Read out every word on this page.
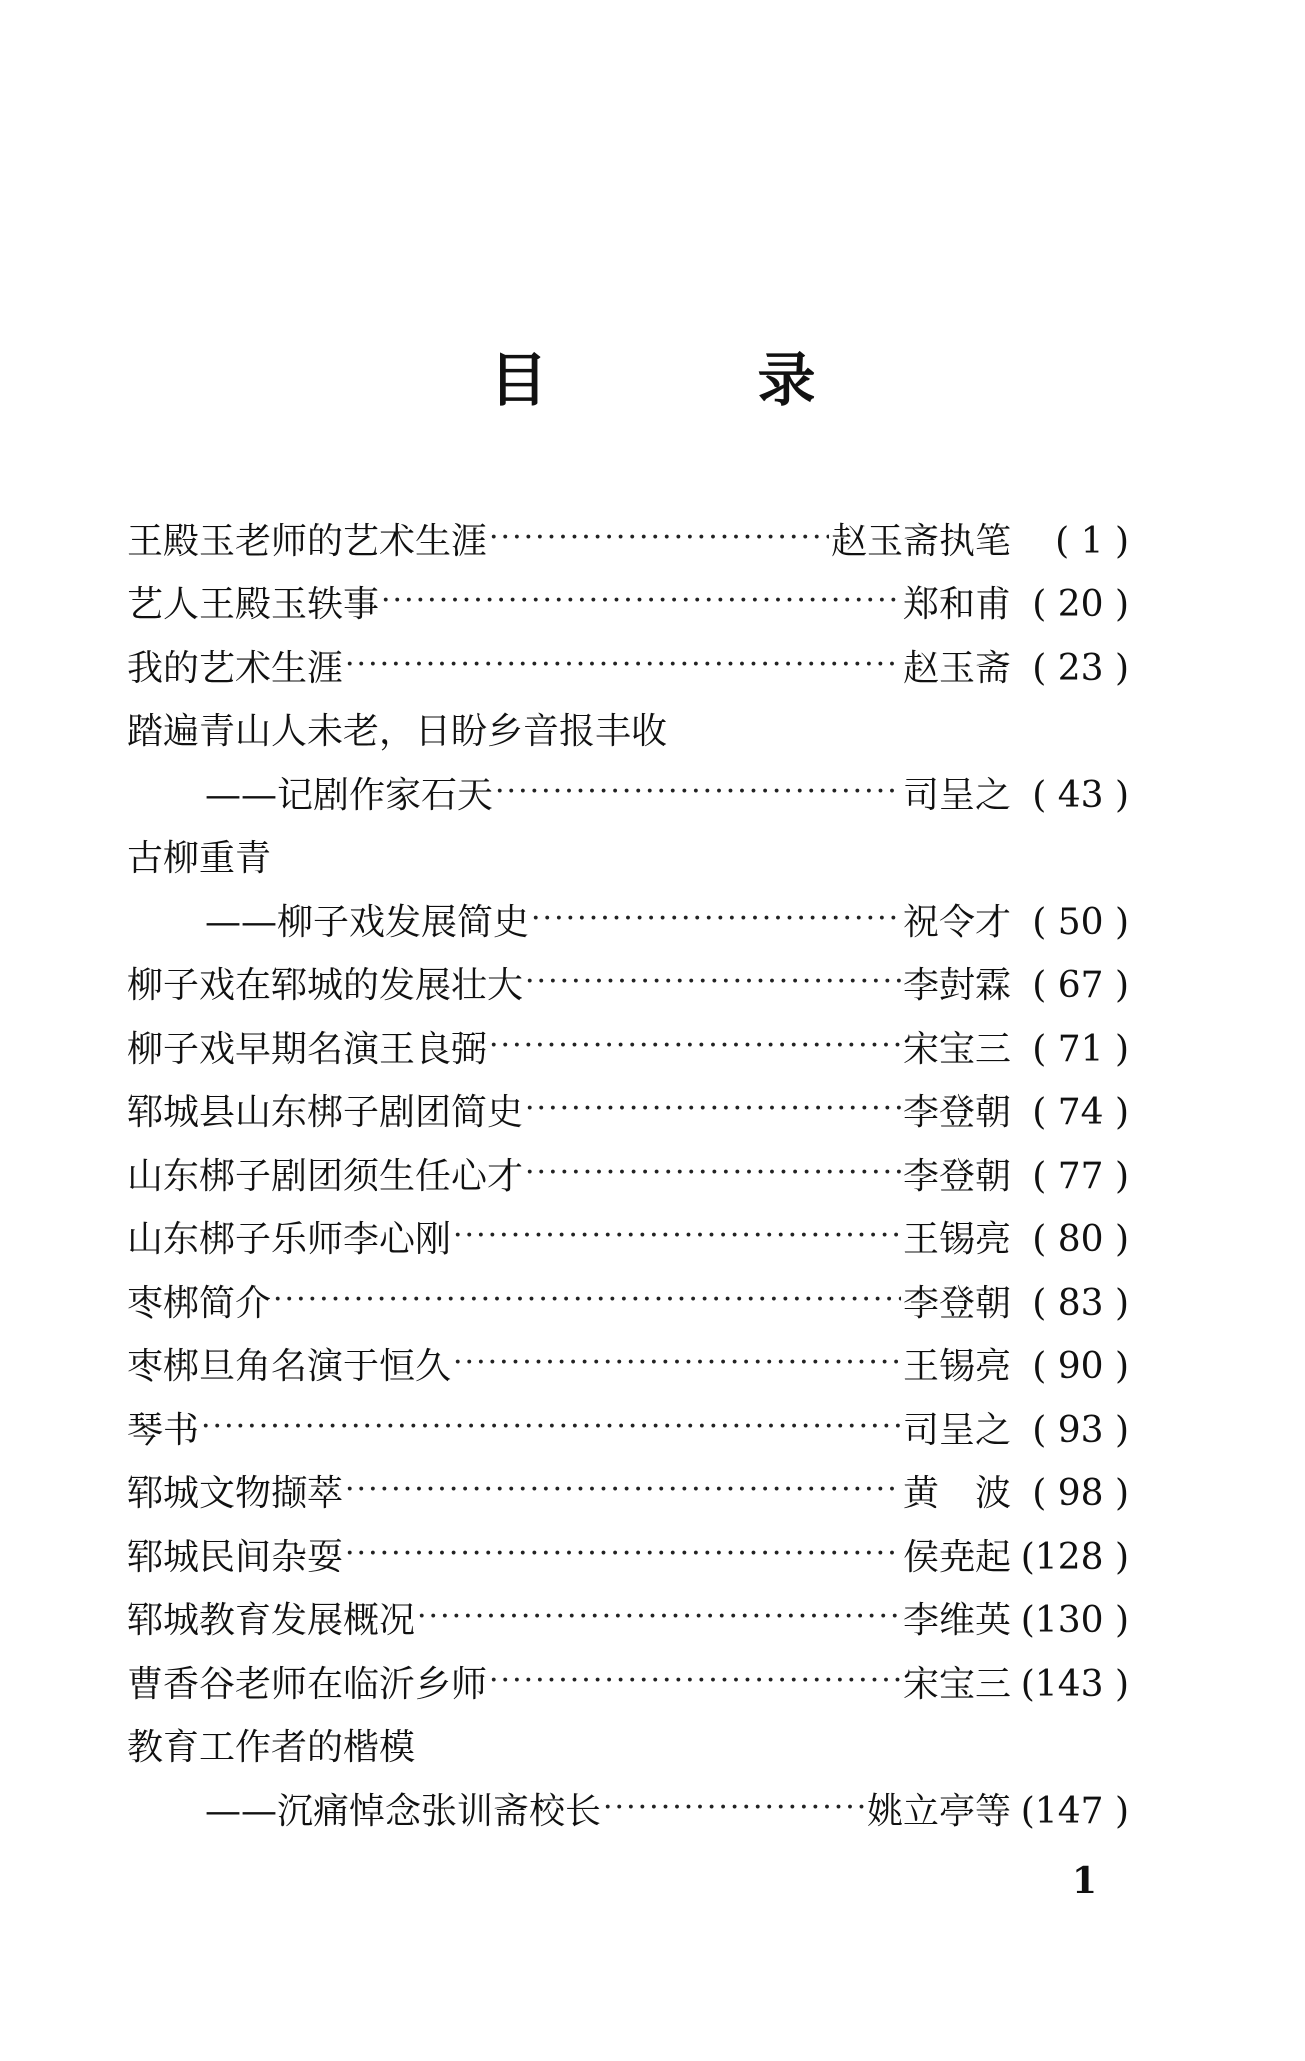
目	录
王殿玉老师的艺术生涯 ·····	赵玉斋执笔	( 1 )
艺人王殿玉轶事 ·····	郑和甫 ( 20 )
我的艺术生涯 ·····	赵玉斋 ( 23 )
踏遍青山人未老，日盼乡音报丰收
——记剧作家石天 ·····	司呈之 ( 43 )
古柳重青
——柳子戏发展简史 ·····	祝令才 ( 50 )
柳子戏在郓城的发展壮大 ·····	李尌霖 ( 67 )
柳子戏早期名演王良弼 ·····	宋宝三 ( 71 )
郓城县山东梆子剧团简史 ·····	李登朝 ( 74 )
山东梆子剧团须生任心才 ·····	李登朝 ( 77 )
山东梆子乐师李心刚 ·····	王锡亮 ( 80 )
枣梆简介 ·····	李登朝 ( 83 )
枣梆旦角名演于恒久 ·····	王锡亮 ( 90 )
琴书 ·····	司呈之 ( 93 )
郓城文物撷萃 ·····	黄　波 ( 98 )
郓城民间杂耍 ·····	侯尭起 (128 )
郓城教育发展概况 ·····	李维英 (130 )
曹香谷老师在临沂乡师 ·····	宋宝三 (143 )
教育工作者的楷模
——沉痛悼念张训斋校长 ·····	姚立亭等 (147 )
1
